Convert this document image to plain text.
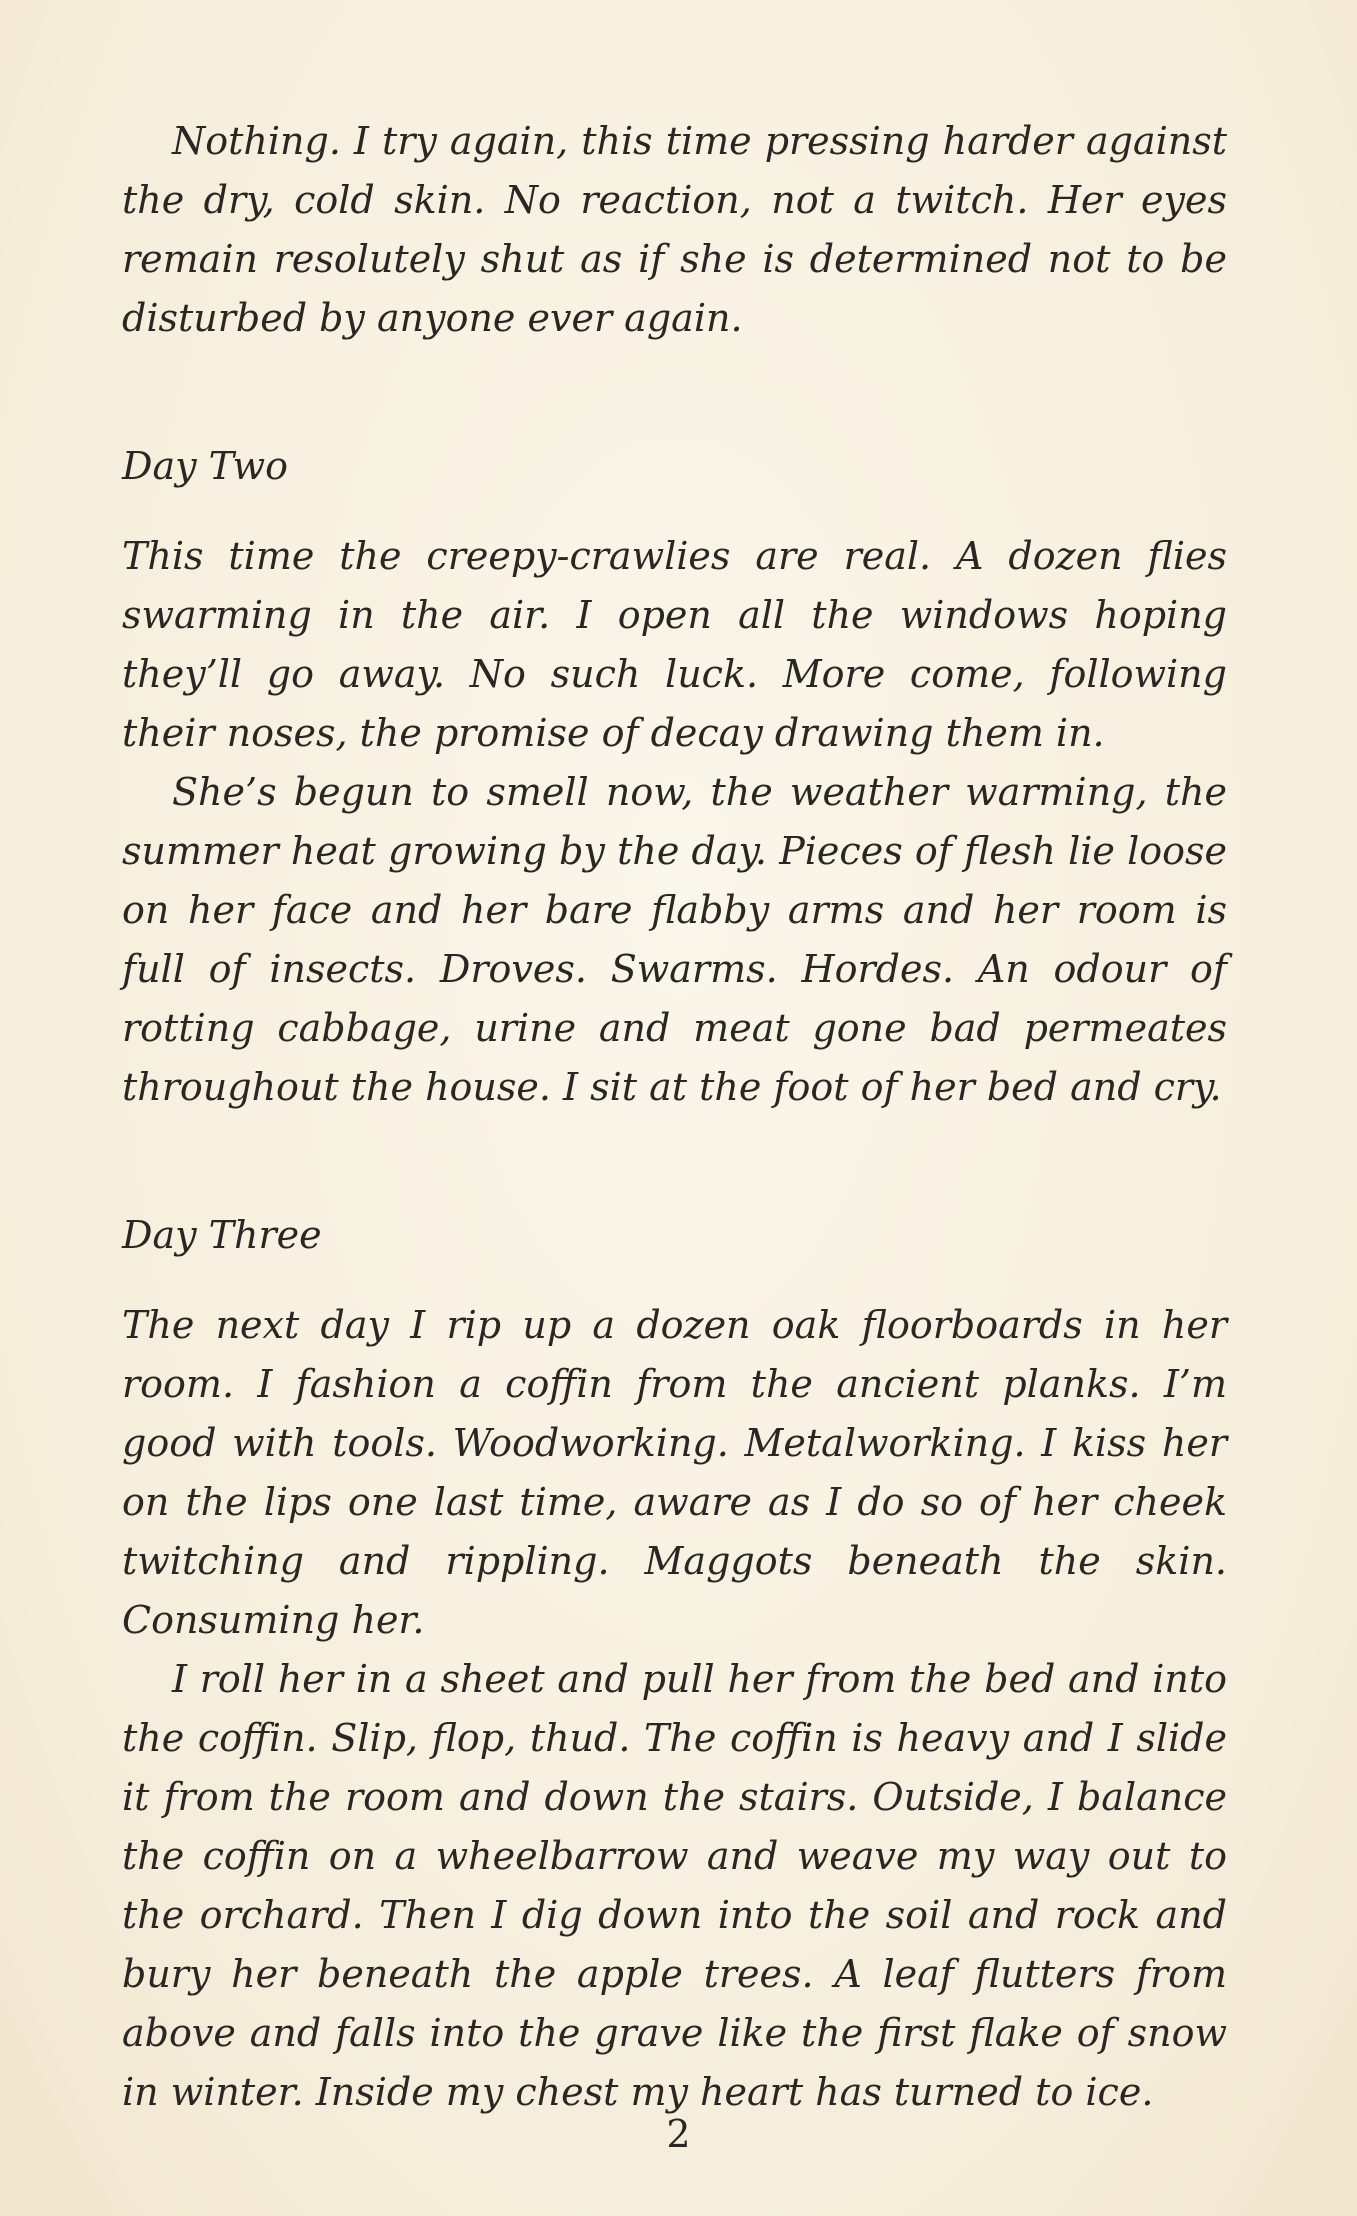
Nothing. I try again, this time pressing harder against the dry, cold skin. No reaction, not a twitch. Her eyes remain resolutely shut as if she is determined not to be disturbed by anyone ever again.

Day Two

This time the creepy-crawlies are real. A dozen flies swarming in the air. I open all the windows hoping they’ll go away. No such luck. More come, following their noses, the promise of decay drawing them in.

She’s begun to smell now, the weather warming, the summer heat growing by the day. Pieces of flesh lie loose on her face and her bare flabby arms and her room is full of insects. Droves. Swarms. Hordes. An odour of rotting cabbage, urine and meat gone bad permeates throughout the house. I sit at the foot of her bed and cry.

Day Three

The next day I rip up a dozen oak floorboards in her room. I fashion a coffin from the ancient planks. I’m good with tools. Woodworking. Metalworking. I kiss her on the lips one last time, aware as I do so of her cheek twitching and rippling. Maggots beneath the skin. Consuming her.

I roll her in a sheet and pull her from the bed and into the coffin. Slip, flop, thud. The coffin is heavy and I slide it from the room and down the stairs. Outside, I balance the coffin on a wheelbarrow and weave my way out to the orchard. Then I dig down into the soil and rock and bury her beneath the apple trees. A leaf flutters from above and falls into the grave like the first flake of snow in winter. Inside my chest my heart has turned to ice.

2
